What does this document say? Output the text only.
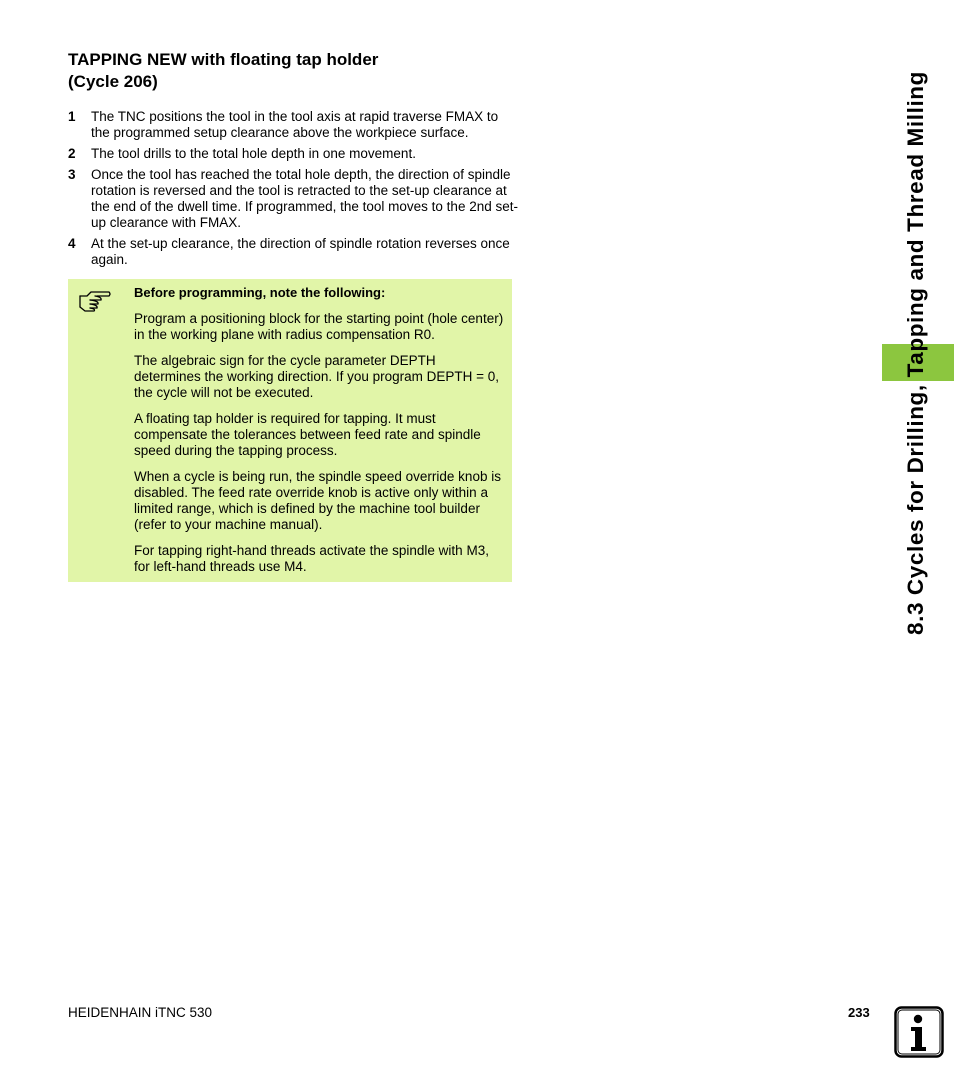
TAPPING NEW with floating tap holder
(Cycle 206)
1 The TNC positions the tool in the tool axis at rapid traverse FMAX to the programmed setup clearance above the workpiece surface.
2 The tool drills to the total hole depth in one movement.
3 Once the tool has reached the total hole depth, the direction of spindle rotation is reversed and the tool is retracted to the set-up clearance at the end of the dwell time. If programmed, the tool moves to the 2nd set-up clearance with FMAX.
4 At the set-up clearance, the direction of spindle rotation reverses once again.

Before programming, note the following:

Program a positioning block for the starting point (hole center) in the working plane with radius compensation R0.

The algebraic sign for the cycle parameter DEPTH determines the working direction. If you program DEPTH = 0, the cycle will not be executed.

A floating tap holder is required for tapping. It must compensate the tolerances between feed rate and spindle speed during the tapping process.

When a cycle is being run, the spindle speed override knob is disabled. The feed rate override knob is active only within a limited range, which is defined by the machine tool builder (refer to your machine manual).

For tapping right-hand threads activate the spindle with M3, for left-hand threads use M4.	8.3 Cycles for Drilling, Tapping and Thread Milling
HEIDENHAIN iTNC 530	233
